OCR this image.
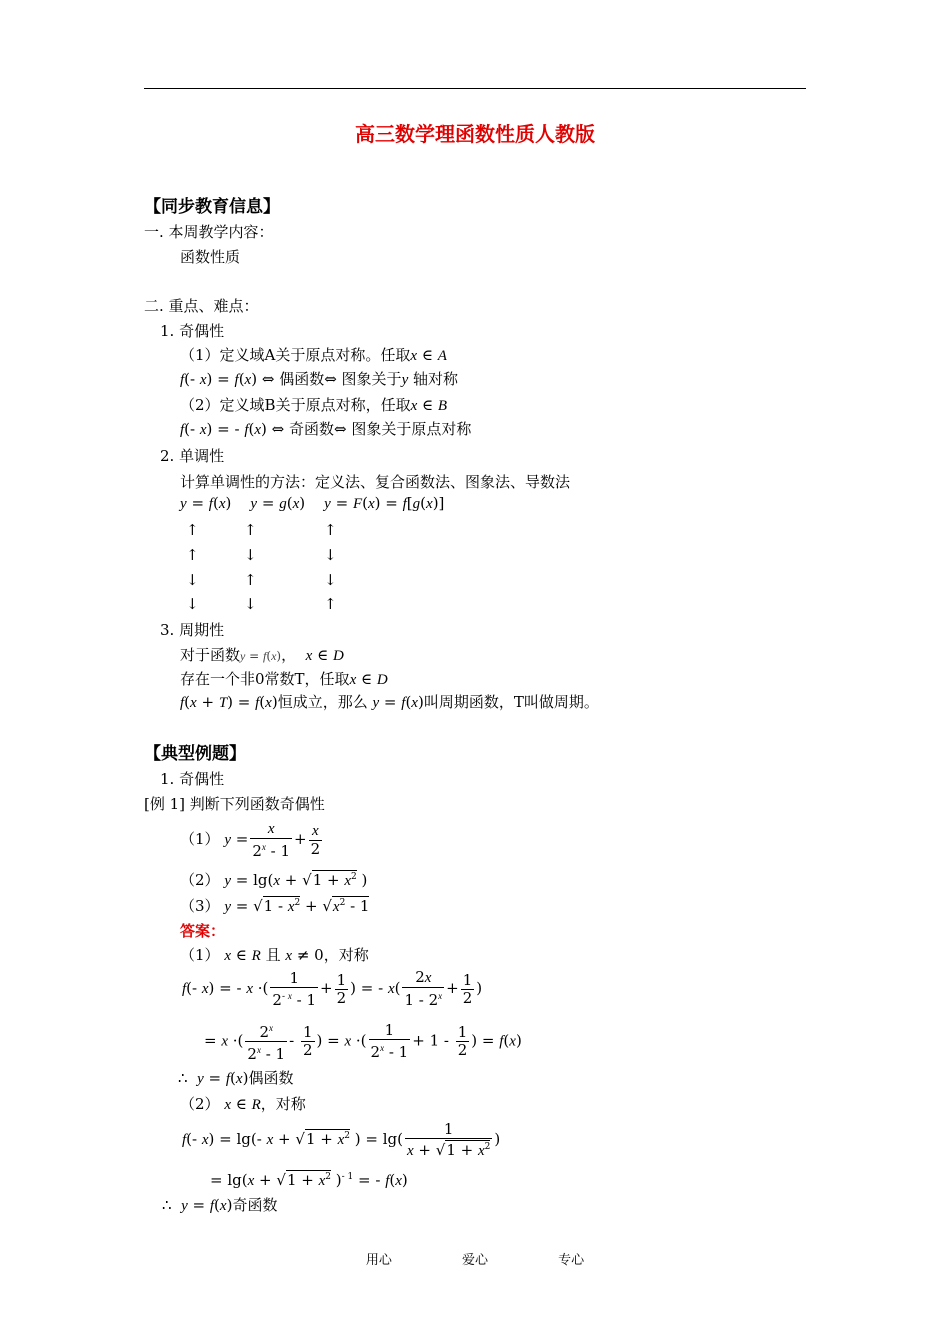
高三数学理函数性质人教版
【同步教育信息】
一. 本周教学内容：
函数性质
二. 重点、难点：
1. 奇偶性
（1）定义域A关于原点对称。任取x ∈ A
f(- x) = f(x) ⇔ 偶函数⇔ 图象关于y 轴对称
（2）定义域B关于原点对称，任取x ∈ B
f(- x) = - f(x) ⇔ 奇函数⇔ 图象关于原点对称
2. 单调性
计算单调性的方法：定义法、复合函数法、图象法、导数法
y = f(x)    y = g(x)    y = F(x) = f[g(x)]
↑	↑	↑
↑	↓	↓
↓	↑	↓
↓	↓	↑
3. 周期性
对于函数y = f(x)，  x ∈ D
存在一个非0常数T，任取x ∈ D
f(x + T) = f(x)恒成立，那么 y = f(x)叫周期函数，T叫做周期。
【典型例题】
1. 奇偶性
[例 1] 判断下列函数奇偶性
（1） $y = \frac{x}{2^x - 1} + \frac{x}{2}$
（2） $y = \lg(x + √1 + x^2$ )
（3） $y = √1 - x^2 + √x^2 - 1$
答案：
（1） x ∈ R 且 x ≠ 0，对称
f(- x) = - x ·( $\frac{1}{2^{- x} - 1} + \frac{1}{2}$ ) = - $x( \frac{2x}{1 - 2^x} + \frac{1}{2}$ )
= x ·( $\frac{2^x}{2^x - 1} - \frac{1}{2}$ ) = x ·( $\frac{1}{2^x - 1} + 1 - \frac{1}{2}$ ) = f(x)
∴  y = f(x)偶函数
（2） x ∈ R，对称
f(- x) = lg(- $x + √1 + x^2$ ) = $\lg( \frac{1}{x + √1 + x^2}$ )
= $\lg(x + √1 + x^2$ )$^{- 1}$ = - f(x)
∴  y = f(x)奇函数
用心	爱心	专心
